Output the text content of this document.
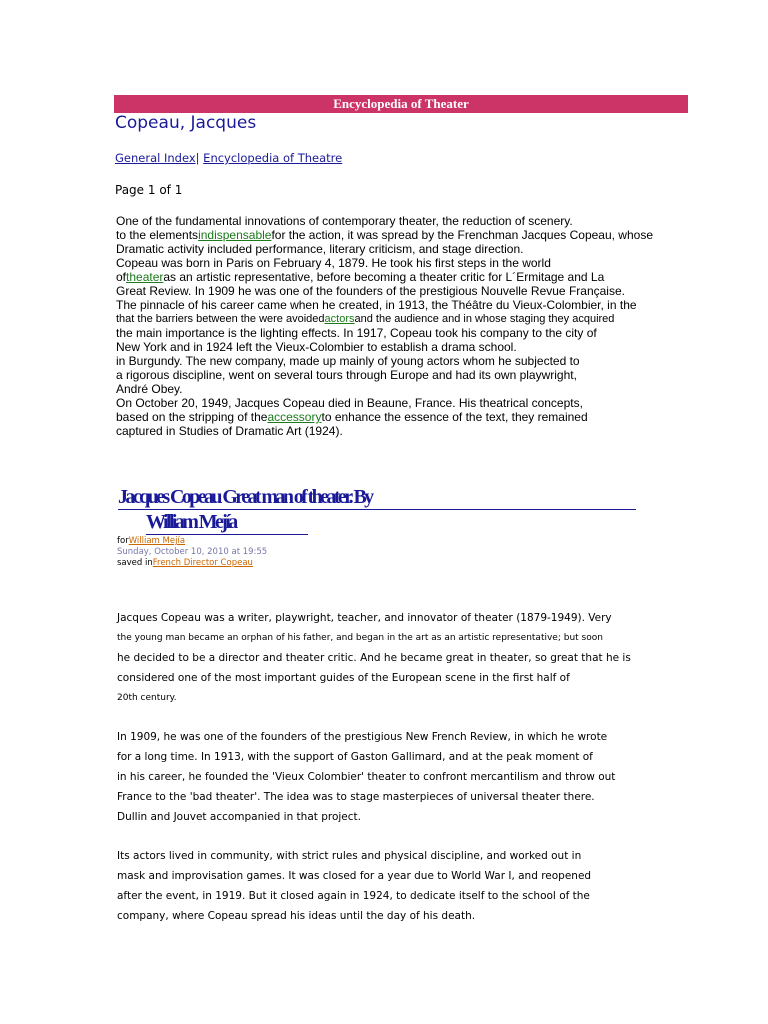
Encyclopedia of Theater
Copeau, Jacques
General Index| Encyclopedia of Theatre
Page 1 of 1
One of the fundamental innovations of contemporary theater, the reduction of scenery.
to the elementsindispensablefor the action, it was spread by the Frenchman Jacques Copeau, whose
Dramatic activity included performance, literary criticism, and stage direction.
Copeau was born in Paris on February 4, 1879. He took his first steps in the world
oftheateras an artistic representative, before becoming a theater critic for L´Ermitage and La
Great Review. In 1909 he was one of the founders of the prestigious Nouvelle Revue Française.
The pinnacle of his career came when he created, in 1913, the Théâtre du Vieux-Colombier, in the
that the barriers between the were avoidedactorsand the audience and in whose staging they acquired
the main importance is the lighting effects. In 1917, Copeau took his company to the city of
New York and in 1924 left the Vieux-Colombier to establish a drama school.
in Burgundy. The new company, made up mainly of young actors whom he subjected to
a rigorous discipline, went on several tours through Europe and had its own playwright,
André Obey.
On October 20, 1949, Jacques Copeau died in Beaune, France. His theatrical concepts,
based on the stripping of theaccessoryto enhance the essence of the text, they remained
captured in Studies of Dramatic Art (1924).
Jacques Copeau Great man of theater. By
William Mejía
forWilliam Mejía
Sunday, October 10, 2010 at 19:55
saved inFrench Director Copeau
Jacques Copeau was a writer, playwright, teacher, and innovator of theater (1879-1949). Very
the young man became an orphan of his father, and began in the art as an artistic representative; but soon
he decided to be a director and theater critic. And he became great in theater, so great that he is
considered one of the most important guides of the European scene in the first half of
20th century.
In 1909, he was one of the founders of the prestigious New French Review, in which he wrote
for a long time. In 1913, with the support of Gaston Gallimard, and at the peak moment of
in his career, he founded the 'Vieux Colombier' theater to confront mercantilism and throw out
France to the 'bad theater'. The idea was to stage masterpieces of universal theater there.
Dullin and Jouvet accompanied in that project.
Its actors lived in community, with strict rules and physical discipline, and worked out in
mask and improvisation games. It was closed for a year due to World War I, and reopened
after the event, in 1919. But it closed again in 1924, to dedicate itself to the school of the
company, where Copeau spread his ideas until the day of his death.
